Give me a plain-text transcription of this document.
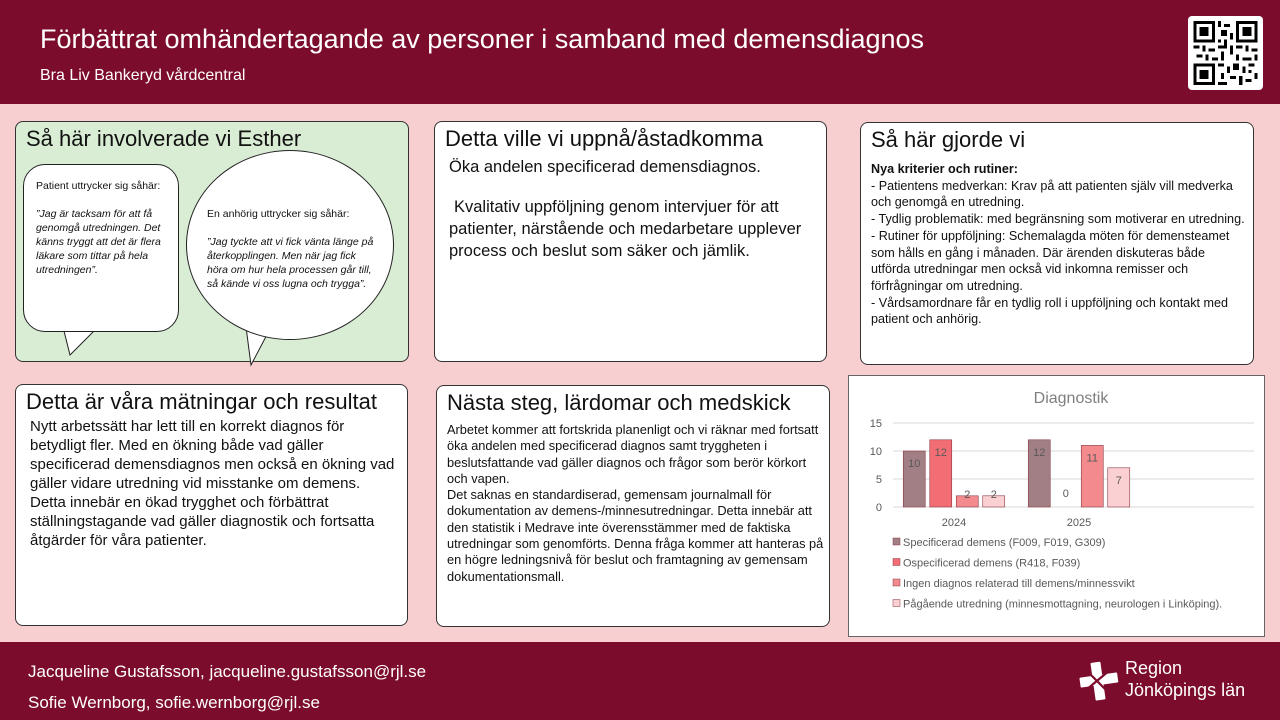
Förbättrat omhändertagande av personer i samband med demensdiagnos
Bra Liv Bankeryd vårdcentral
Så här involverade vi Esther
Patient uttrycker sig såhär:

”Jag är tacksam för att få genomgå utredningen. Det känns tryggt att det är flera läkare som tittar på hela utredningen”.
En anhörig uttrycker sig såhär:

”Jag tyckte att vi fick vänta länge på återkopplingen. Men när jag fick höra om hur hela processen går till, så kände vi oss lugna och trygga”.
Detta ville vi uppnå/åstadkomma
Öka andelen specificerad demensdiagnos.
Kvalitativ uppföljning genom intervjuer för att patienter, närstående och medarbetare upplever process och beslut som säker och jämlik.
Så här gjorde vi
Nya kriterier och rutiner:
- Patientens medverkan: Krav på att patienten själv vill medverka och genomgå en utredning.
- Tydlig problematik: med begränsning som motiverar en utredning.
- Rutiner för uppföljning: Schemalagda möten för demensteamet som hålls en gång i månaden. Där ärenden diskuteras både utförda utredningar men också vid inkomna remisser och förfrågningar om utredning.
- Vårdsamordnare får en tydlig roll i uppföljning och kontakt med patient och anhörig.
Detta är våra mätningar och resultat
Nytt arbetssätt har lett till en korrekt diagnos för betydligt fler. Med en ökning både vad gäller specificerad demensdiagnos men också en ökning vad gäller vidare utredning vid misstanke om demens. Detta innebär en ökad trygghet och förbättrat ställningstagande vad gäller diagnostik och fortsatta åtgärder för våra patienter.
Nästa steg, lärdomar och medskick
Arbetet kommer att fortskrida planenligt och vi räknar med fortsatt öka andelen med specificerad diagnos samt tryggheten i beslutsfattande vad gäller diagnos och frågor som berör körkort och vapen.
Det saknas en standardiserad, gemensam journalmall för dokumentation av demens-/minnesutredningar. Detta innebär att den statistik i Medrave inte överensstämmer med de faktiska utredningar som genomförts. Denna fråga kommer att hanteras på en högre ledningsnivå för beslut och framtagning av gemensam dokumentationsmall.
Diagnostik
0
5
10
15
10
12
2 2
2024
12
0
11
7
2025
Specificerad demens (F009, F019, G309)
Ospecificerad demens (R418, F039)
Ingen diagnos relaterad till demens/minnessvikt
Pågående utredning (minnesmottagning, neurologen i Linköping).
Jacqueline Gustafsson, jacqueline.gustafsson@rjl.se
Sofie Wernborg, sofie.wernborg@rjl.se
Region
Jönköpings län
